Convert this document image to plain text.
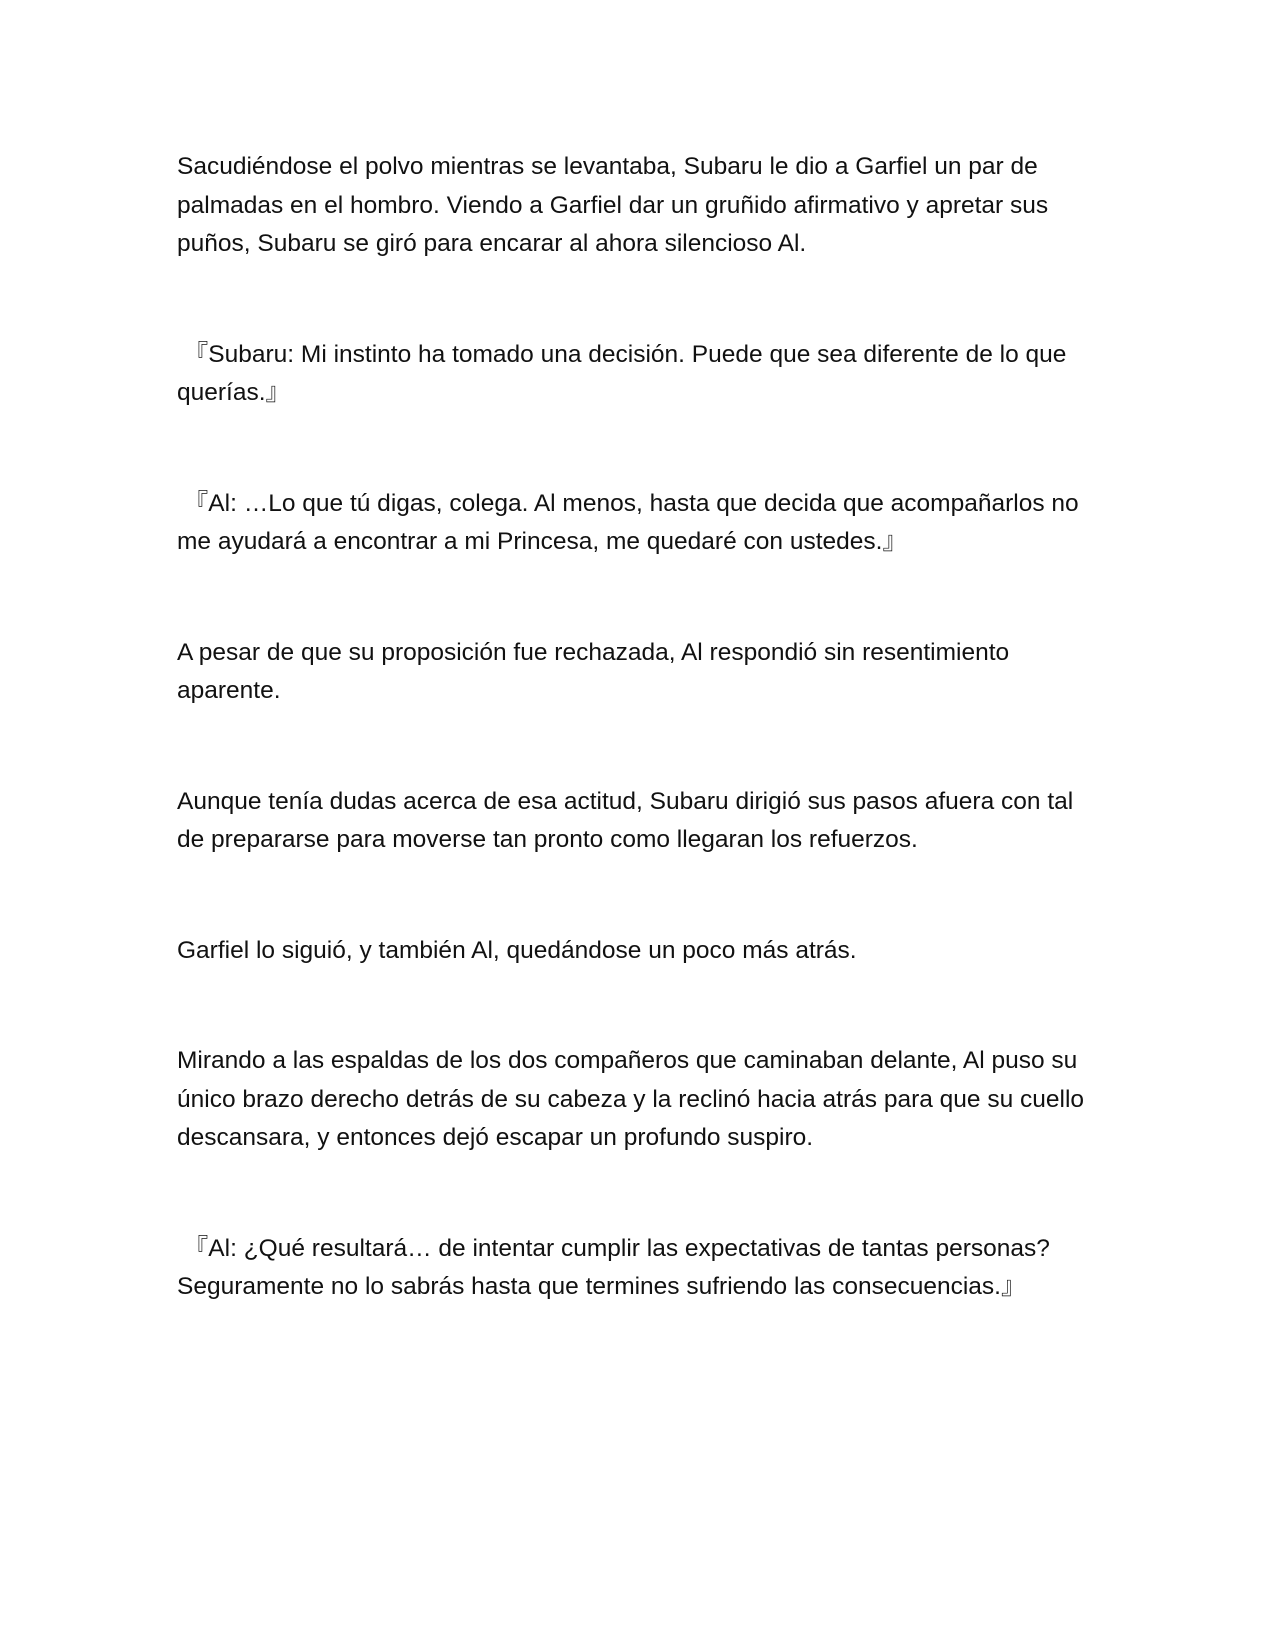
Sacudiéndose el polvo mientras se levantaba, Subaru le dio a Garfiel un par de palmadas en el hombro. Viendo a Garfiel dar un gruñido afirmativo y apretar sus puños, Subaru se giró para encarar al ahora silencioso Al.

『Subaru: Mi instinto ha tomado una decisión. Puede que sea diferente de lo que querías.』

『Al: …Lo que tú digas, colega. Al menos, hasta que decida que acompañarlos no me ayudará a encontrar a mi Princesa, me quedaré con ustedes.』

A pesar de que su proposición fue rechazada, Al respondió sin resentimiento aparente.

Aunque tenía dudas acerca de esa actitud, Subaru dirigió sus pasos afuera con tal de prepararse para moverse tan pronto como llegaran los refuerzos.

Garfiel lo siguió, y también Al, quedándose un poco más atrás.

Mirando a las espaldas de los dos compañeros que caminaban delante, Al puso su único brazo derecho detrás de su cabeza y la reclinó hacia atrás para que su cuello descansara, y entonces dejó escapar un profundo suspiro.

『Al: ¿Qué resultará… de intentar cumplir las expectativas de tantas personas? Seguramente no lo sabrás hasta que termines sufriendo las consecuencias.』
